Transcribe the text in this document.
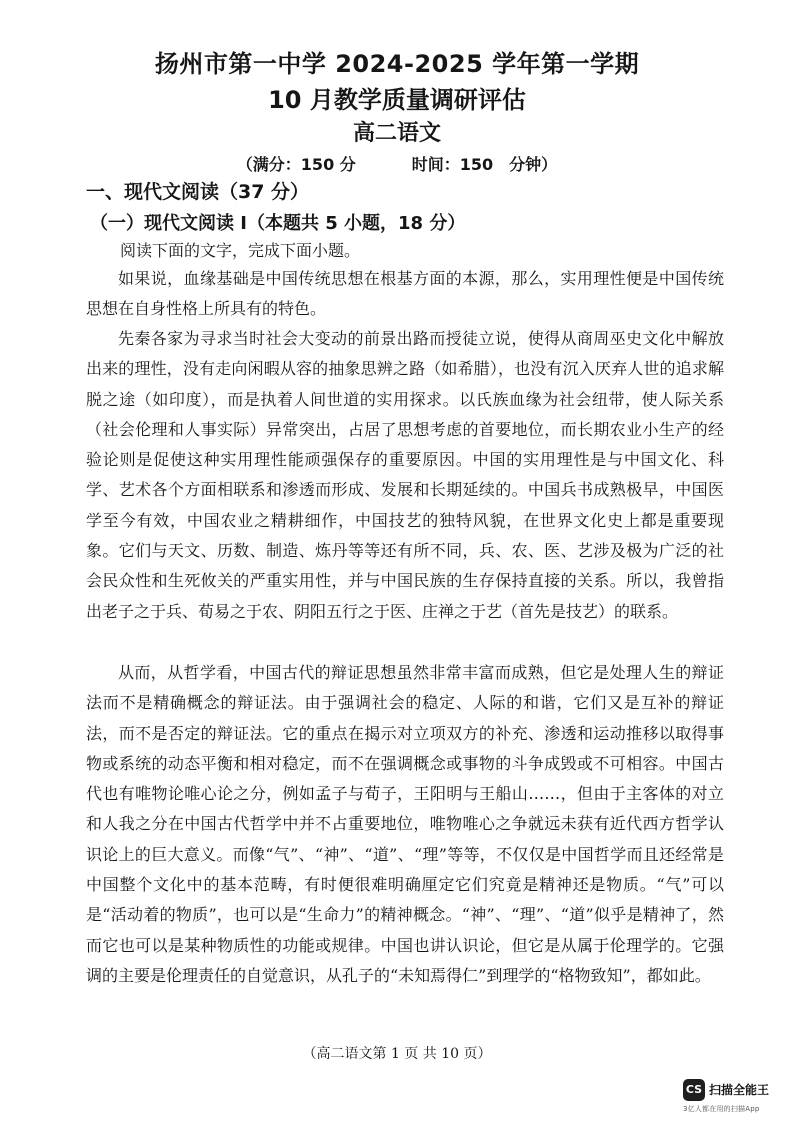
扬州市第一中学 2024-2025 学年第一学期
10 月教学质量调研评估
高二语文
（满分：150 分	时间：150　分钟）
一、现代文阅读（37 分）
（一）现代文阅读 I（本题共 5 小题，18 分）
阅读下面的文字，完成下面小题。

如果说，血缘基础是中国传统思想在根基方面的本源，那么，实用理性便是中国传统思想在自身性格上所具有的特色。

先秦各家为寻求当时社会大变动的前景出路而授徒立说，使得从商周巫史文化中解放出来的理性，没有走向闲暇从容的抽象思辨之路（如希腊），也没有沉入厌弃人世的追求解脱之途（如印度），而是执着人间世道的实用探求。以氏族血缘为社会纽带，使人际关系（社会伦理和人事实际）异常突出，占居了思想考虑的首要地位，而长期农业小生产的经验论则是促使这种实用理性能顽强保存的重要原因。中国的实用理性是与中国文化、科学、艺术各个方面相联系和渗透而形成、发展和长期延续的。中国兵书成熟极早，中国医学至今有效，中国农业之精耕细作，中国技艺的独特风貌，在世界文化史上都是重要现象。它们与天文、历数、制造、炼丹等等还有所不同，兵、农、医、艺涉及极为广泛的社会民众性和生死攸关的严重实用性，并与中国民族的生存保持直接的关系。所以，我曾指出老子之于兵、荀易之于农、阴阳五行之于医、庄禅之于艺（首先是技艺）的联系。

从而，从哲学看，中国古代的辩证思想虽然非常丰富而成熟，但它是处理人生的辩证法而不是精确概念的辩证法。由于强调社会的稳定、人际的和谐，它们又是互补的辩证法，而不是否定的辩证法。它的重点在揭示对立项双方的补充、渗透和运动推移以取得事物或系统的动态平衡和相对稳定，而不在强调概念或事物的斗争成毁或不可相容。中国古代也有唯物论唯心论之分，例如孟子与荀子，王阳明与王船山……，但由于主客体的对立和人我之分在中国古代哲学中并不占重要地位，唯物唯心之争就远未获有近代西方哲学认识论上的巨大意义。而像“气”、“神”、“道”、“理”等等，不仅仅是中国哲学而且还经常是中国整个文化中的基本范畴，有时便很难明确厘定它们究竟是精神还是物质。“气”可以是“活动着的物质”，也可以是“生命力”的精神概念。“神”、“理”、“道”似乎是精神了，然而它也可以是某种物质性的功能或规律。中国也讲认识论，但它是从属于伦理学的。它强调的主要是伦理责任的自觉意识，从孔子的“未知焉得仁”到理学的“格物致知”，都如此。

（高二语文第 1 页 共 10 页）
CS 扫描全能王
3亿人都在用的扫描App
